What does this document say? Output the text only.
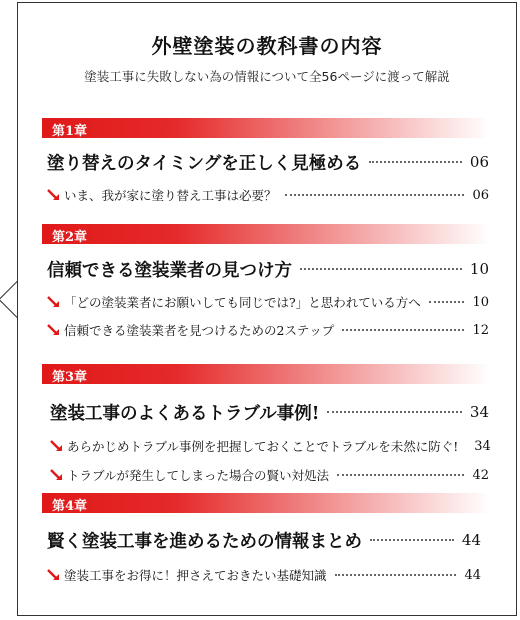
外壁塗装の教科書の内容
塗装工事に失敗しない為の情報について全56ページに渡って解説
第1章
塗り替えのタイミングを正しく見極める	06
いま、我が家に塗り替え工事は必要？	06
第2章
信頼できる塗装業者の見つけ方	10
「どの塗装業者にお願いしても同じでは?」と思われている方へ	10
信頼できる塗装業者を見つけるための2ステップ	12
第3章
塗装工事のよくあるトラブル事例!	34
あらかじめトラブル事例を把握しておくことでトラブルを未然に防ぐ! 34
トラブルが発生してしまった場合の賢い対処法	42
第4章
賢く塗装工事を進めるための情報まとめ	44
塗装工事をお得に！押さえておきたい基礎知識	44
